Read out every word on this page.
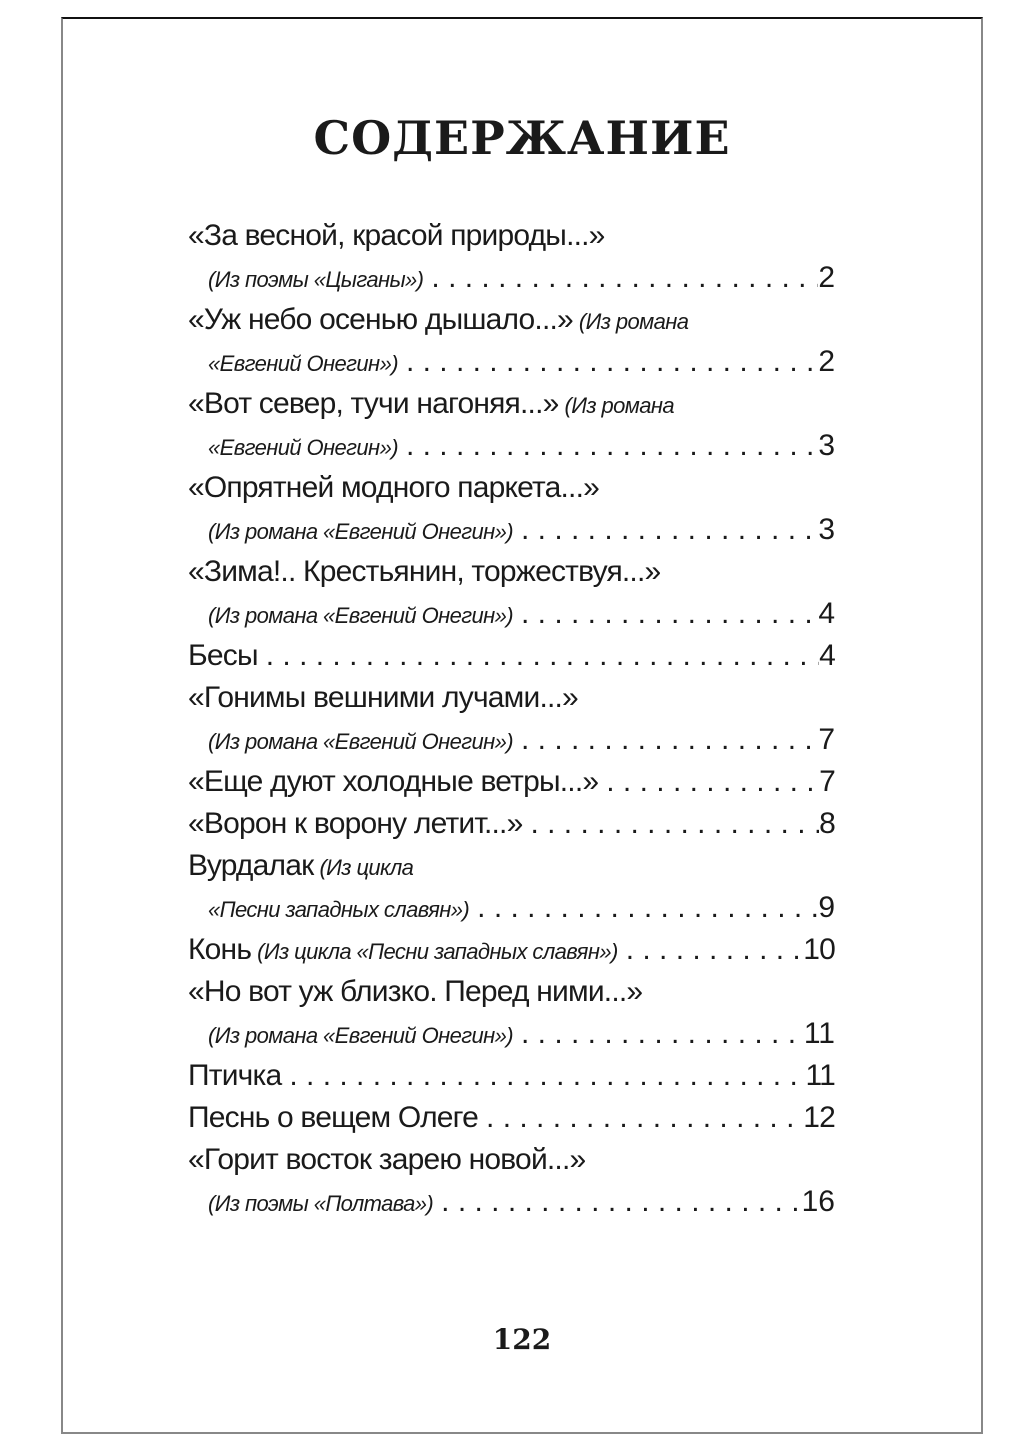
СОДЕРЖАНИЕ
«За весной, красой природы...»
(Из поэмы «Цыганы») . . .	2
«Уж небо осенью дышало...» (Из романа
«Евгений Онегин») . . .	2
«Вот север, тучи нагоняя...» (Из романа
«Евгений Онегин») . . .	3
«Опрятней модного паркета...»
(Из романа «Евгений Онегин») . . .	3
«Зима!.. Крестьянин, торжествуя...»
(Из романа «Евгений Онегин») . . .	4
Бесы . . .	4
«Гонимы вешними лучами...»
(Из романа «Евгений Онегин») . . .	7
«Еще дуют холодные ветры...» . . .	7
«Ворон к ворону летит...» . . .	8
Вурдалак (Из цикла
«Песни западных славян») . . .	9
Конь (Из цикла «Песни западных славян») . . .	10
«Но вот уж близко. Перед ними...»
(Из романа «Евгений Онегин») . . .	11
Птичка . . .	11
Песнь о вещем Олеге . . .	12
«Горит восток зарею новой...»
(Из поэмы «Полтава») . . .	16
122
